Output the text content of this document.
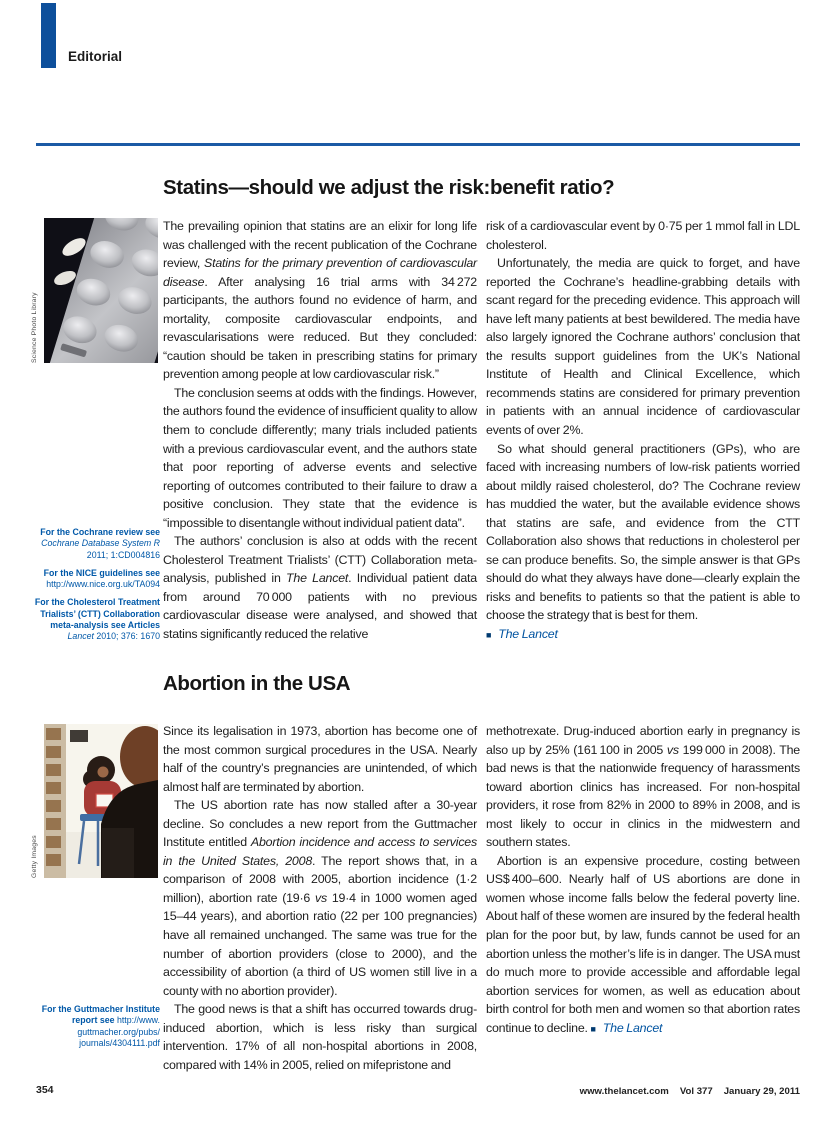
Editorial
Statins—should we adjust the risk:benefit ratio?
Science Photo Library

The prevailing opinion that statins are an elixir for long life was challenged with the recent publication of the Cochrane review, Statins for the primary prevention of cardiovascular disease. After analysing 16 trial arms with 34 272 participants, the authors found no evidence of harm, and mortality, composite cardiovascular endpoints, and revascularisations were reduced. But they concluded: “caution should be taken in prescribing statins for primary prevention among people at low cardiovascular risk.”

The conclusion seems at odds with the findings. However, the authors found the evidence of insufficient quality to allow them to conclude differently; many trials included patients with a previous cardiovascular event, and the authors state that poor reporting of adverse events and selective reporting of outcomes contributed to their failure to draw a positive conclusion. They state that the evidence is “impossible to disentangle without individual patient data”.

The authors’ conclusion is also at odds with the recent Cholesterol Treatment Trialists’ (CTT) Collaboration meta-analysis, published in The Lancet. Individual patient data from around 70 000 patients with no previous cardiovascular disease were analysed, and showed that statins significantly reduced the relative

risk of a cardiovascular event by 0·75 per 1 mmol fall in LDL cholesterol.

Unfortunately, the media are quick to forget, and have reported the Cochrane’s headline-grabbing details with scant regard for the preceding evidence. This approach will have left many patients at best bewildered. The media have also largely ignored the Cochrane authors’ conclusion that the results support guidelines from the UK’s National Institute of Health and Clinical Excellence, which recommends statins are considered for primary prevention in patients with an annual incidence of cardiovascular events of over 2%.

So what should general practitioners (GPs), who are faced with increasing numbers of low-risk patients worried about mildly raised cholesterol, do? The Cochrane review has muddied the water, but the available evidence shows that statins are safe, and evidence from the CTT Collaboration also shows that reductions in cholesterol per se can produce benefits. So, the simple answer is that GPs should do what they always have done—clearly explain the risks and benefits to patients so that the patient is able to choose the strategy that is best for them.

■ The Lancet

For the Cochrane review see
Cochrane Database System R
2011; 1:CD004816
For the NICE guidelines see
http://www.nice.org.uk/TA094
For the Cholesterol Treatment
Trialists’ (CTT) Collaboration
meta-analysis see Articles
Lancet 2010; 376: 1670
Abortion in the USA
Getty Images

Since its legalisation in 1973, abortion has become one of the most common surgical procedures in the USA. Nearly half of the country’s pregnancies are unintended, of which almost half are terminated by abortion.

The US abortion rate has now stalled after a 30-year decline. So concludes a new report from the Guttmacher Institute entitled Abortion incidence and access to services in the United States, 2008. The report shows that, in a comparison of 2008 with 2005, abortion incidence (1·2 million), abortion rate (19·6 vs 19·4 in 1000 women aged 15–44 years), and abortion ratio (22 per 100 pregnancies) have all remained unchanged. The same was true for the number of abortion providers (close to 2000), and the accessibility of abortion (a third of US women still live in a county with no abortion provider).

The good news is that a shift has occurred towards drug-induced abortion, which is less risky than surgical intervention. 17% of all non-hospital abortions in 2008, compared with 14% in 2005, relied on mifepristone and

methotrexate. Drug-induced abortion early in pregnancy is also up by 25% (161 100 in 2005 vs 199 000 in 2008). The bad news is that the nationwide frequency of harassments toward abortion clinics has increased. For non-hospital providers, it rose from 82% in 2000 to 89% in 2008, and is most likely to occur in clinics in the midwestern and southern states.

Abortion is an expensive procedure, costing between US$ 400–600. Nearly half of US abortions are done in women whose income falls below the federal poverty line. About half of these women are insured by the federal health plan for the poor but, by law, funds cannot be used for an abortion unless the mother’s life is in danger. The USA must do much more to provide accessible and affordable legal abortion services for women, as well as education about birth control for both men and women so that abortion rates continue to decline. ■ The Lancet

For the Guttmacher Institute
report see http://www.
guttmacher.org/pubs/
journals/4304111.pdf
354	www.thelancet.com Vol 377 January 29, 2011
